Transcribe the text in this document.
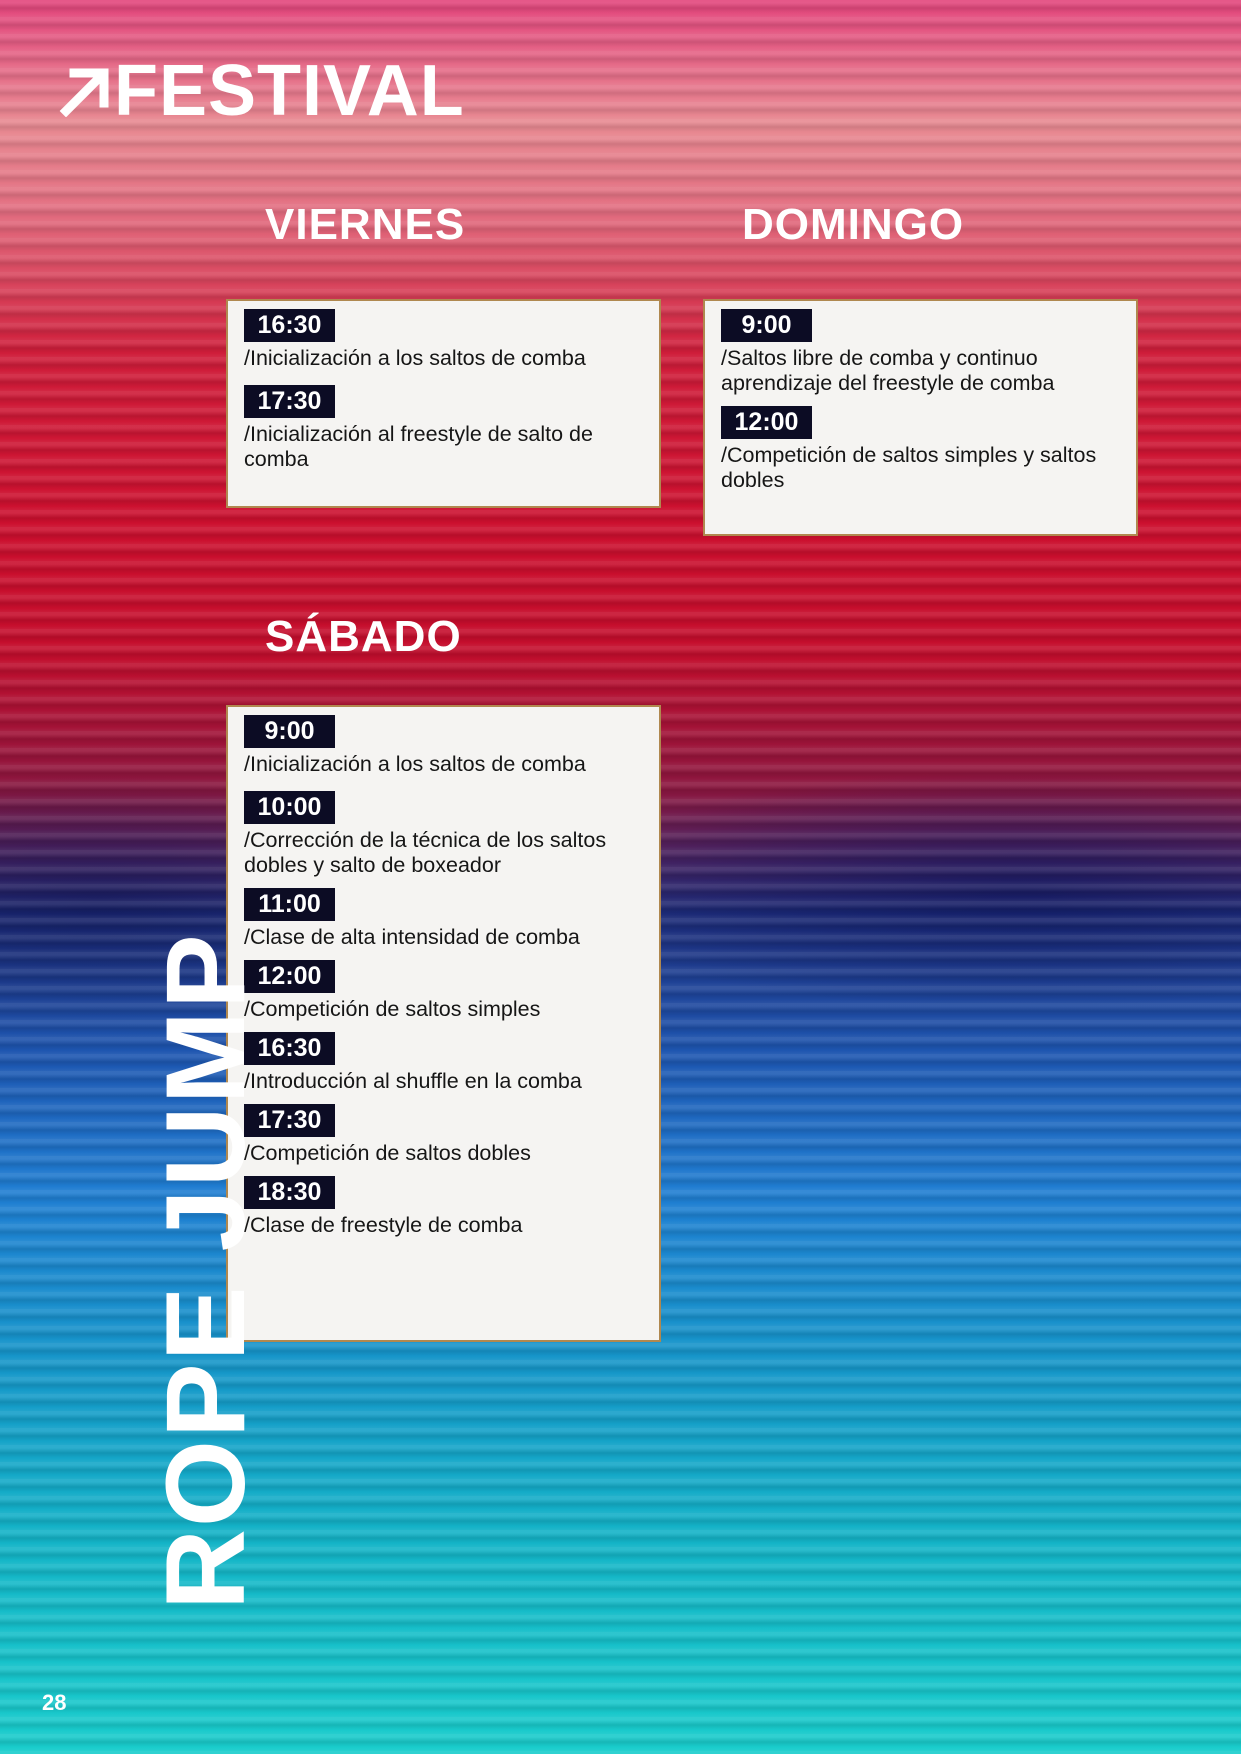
FESTIVAL
VIERNES
16:30
/Inicialización a los saltos de comba
17:30
/Inicialización al freestyle de salto de comba
DOMINGO
9:00
/Saltos libre de comba y continuo aprendizaje del freestyle de comba
12:00
/Competición de saltos simples y saltos dobles
SÁBADO
9:00
/Inicialización a los saltos de comba
10:00
/Corrección de la técnica de los saltos dobles y salto de boxeador
11:00
/Clase de alta intensidad de comba
12:00
/Competición de saltos simples
16:30
/Introducción al shuffle en la comba
17:30
/Competición de saltos dobles
18:30
/Clase de freestyle de comba
ROPE JUMP
28
